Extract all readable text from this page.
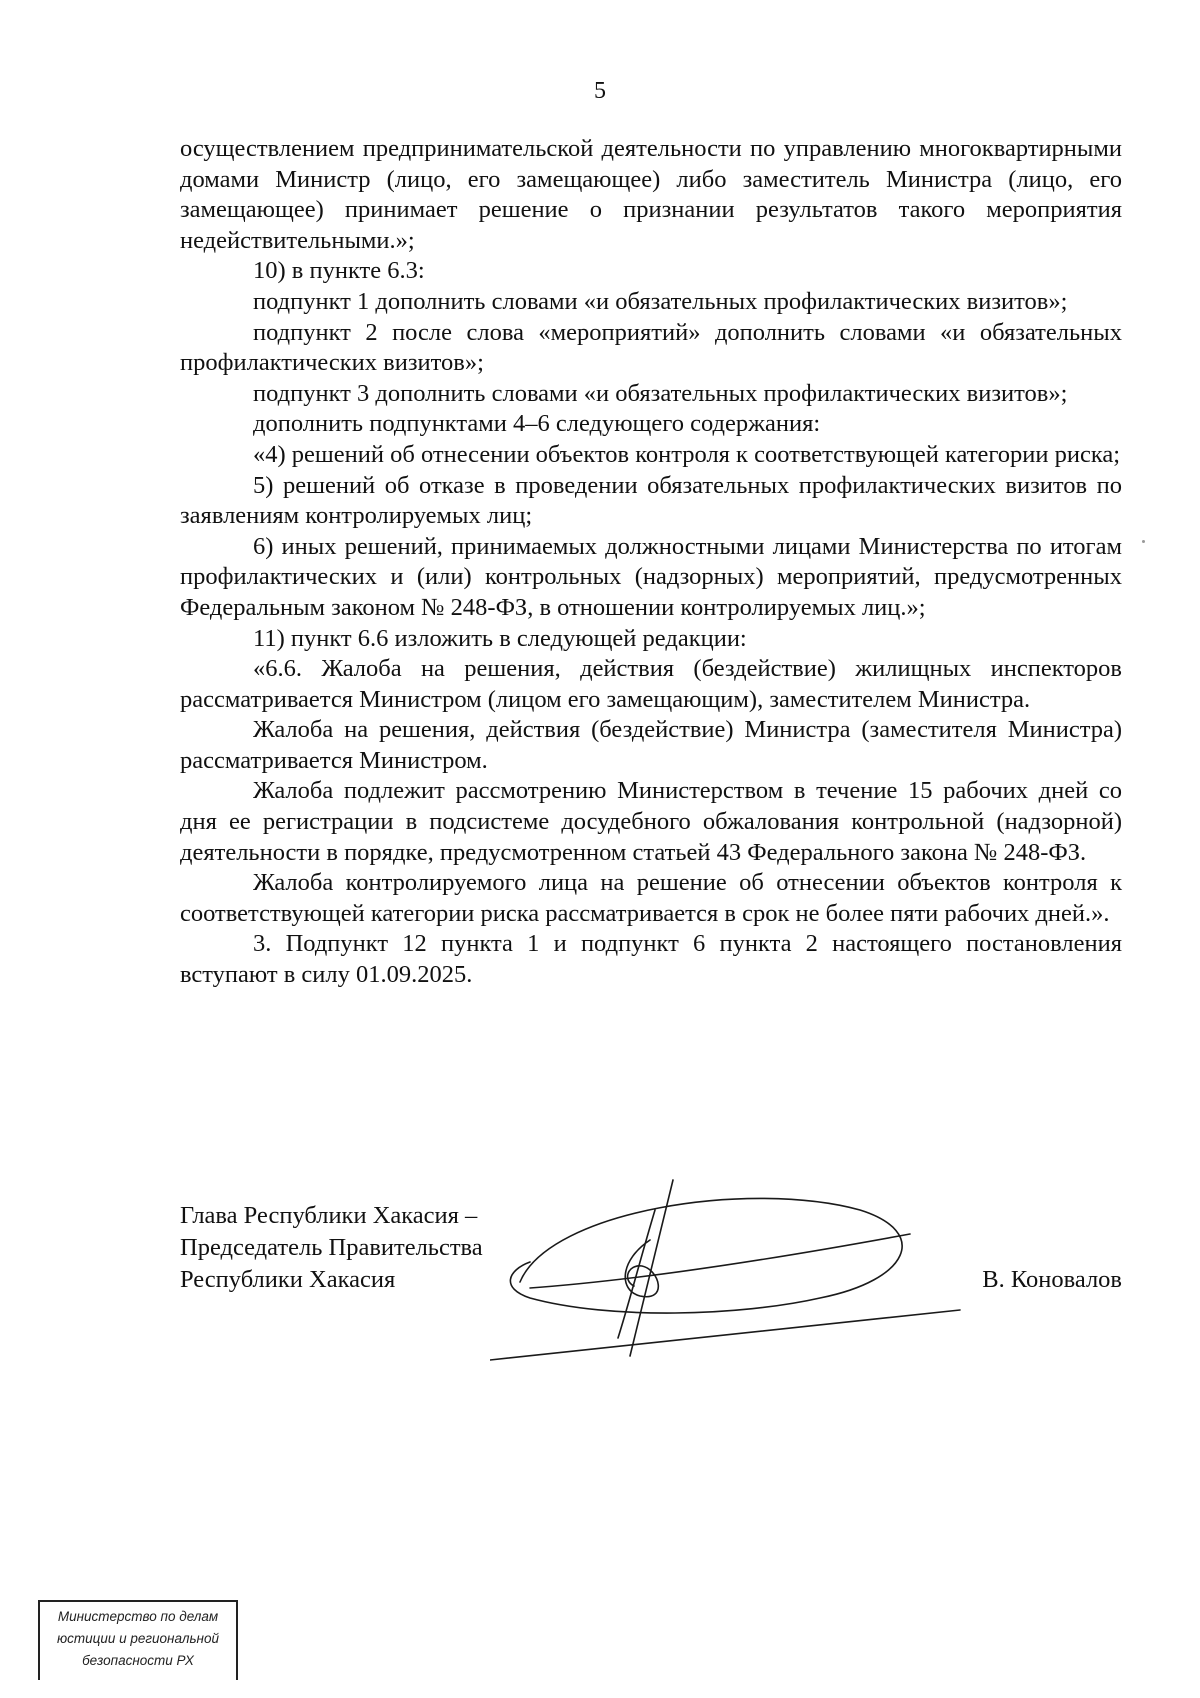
5

осуществлением предпринимательской деятельности по управлению многоквартирными домами Министр (лицо, его замещающее) либо заместитель Министра (лицо, его замещающее) принимает решение о признании результатов такого мероприятия недействительными.»;

10) в пункте 6.3:

подпункт 1 дополнить словами «и обязательных профилактических визитов»;

подпункт 2 после слова «мероприятий» дополнить словами «и обязательных профилактических визитов»;

подпункт 3 дополнить словами «и обязательных профилактических визитов»;

дополнить подпунктами 4–6 следующего содержания:

«4) решений об отнесении объектов контроля к соответствующей категории риска;

5) решений об отказе в проведении обязательных профилактических визитов по заявлениям контролируемых лиц;

6) иных решений, принимаемых должностными лицами Министерства по итогам профилактических и (или) контрольных (надзорных) мероприятий, предусмотренных Федеральным законом № 248-ФЗ, в отношении контролируемых лиц.»;

11) пункт 6.6 изложить в следующей редакции:

«6.6. Жалоба на решения, действия (бездействие) жилищных инспекторов рассматривается Министром (лицом его замещающим), заместителем Министра.

Жалоба на решения, действия (бездействие) Министра (заместителя Министра) рассматривается Министром.

Жалоба подлежит рассмотрению Министерством в течение 15 рабочих дней со дня ее регистрации в подсистеме досудебного обжалования контрольной (надзорной) деятельности в порядке, предусмотренном статьей 43 Федерального закона № 248-ФЗ.

Жалоба контролируемого лица на решение об отнесении объектов контроля к соответствующей категории риска рассматривается в срок не более пяти рабочих дней.».

3. Подпункт 12 пункта 1 и подпункт 6 пункта 2 настоящего постановления вступают в силу 01.09.2025.

Глава Республики Хакасия –
Председатель Правительства
Республики Хакасия	В. Коновалов
Министерство по делам
юстиции и региональной
безопасности РХ
